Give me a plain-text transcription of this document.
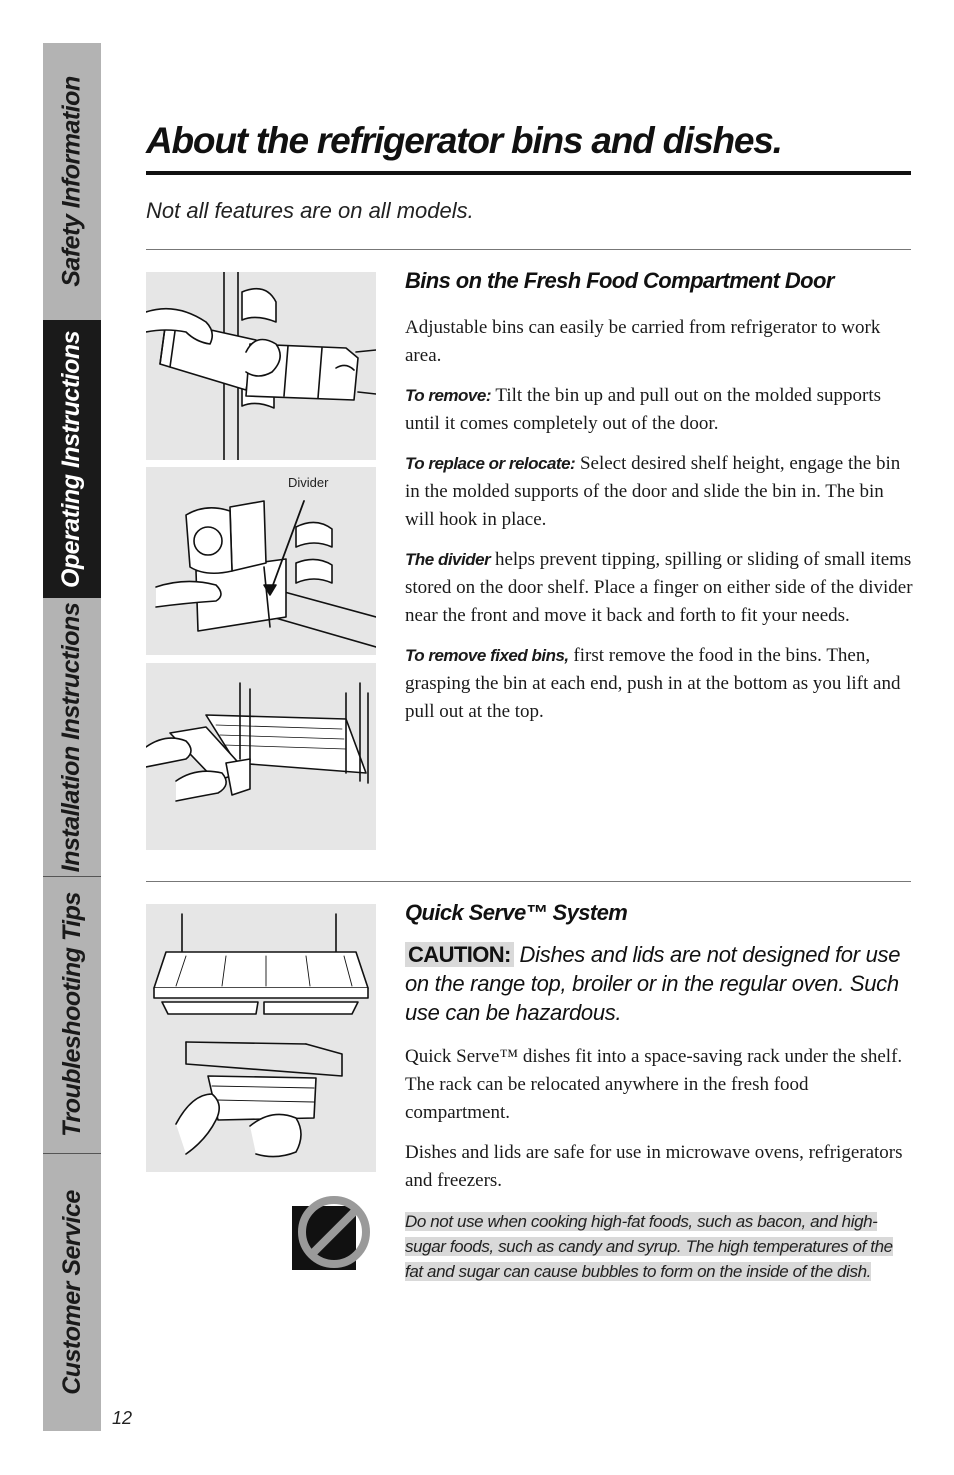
Safety Information
Operating Instructions
Installation Instructions
Troubleshooting Tips
Customer Service
12
About the refrigerator bins and dishes.
Not all features are on all models.
Divider
Bins on the Fresh Food Compartment Door

Adjustable bins can easily be carried from refrigerator to work area.

To remove: Tilt the bin up and pull out on the molded supports until it comes completely out of the door.

To replace or relocate: Select desired shelf height, engage the bin in the molded supports of the door and slide the bin in. The bin will hook in place.

The divider helps prevent tipping, spilling or sliding of small items stored on the door shelf. Place a finger on either side of the divider near the front and move it back and forth to fit your needs.

To remove fixed bins, first remove the food in the bins. Then, grasping the bin at each end, push in at the bottom as you lift and pull out at the top.

Quick Serve™ System

CAUTION: Dishes and lids are not designed for use on the range top, broiler or in the regular oven. Such use can be hazardous.

Quick Serve™ dishes fit into a space-saving rack under the shelf. The rack can be relocated anywhere in the fresh food compartment.

Dishes and lids are safe for use in microwave ovens, refrigerators and freezers.

Do not use when cooking high-fat foods, such as bacon, and high-sugar foods, such as candy and syrup. The high temperatures of the fat and sugar can cause bubbles to form on the inside of the dish.
